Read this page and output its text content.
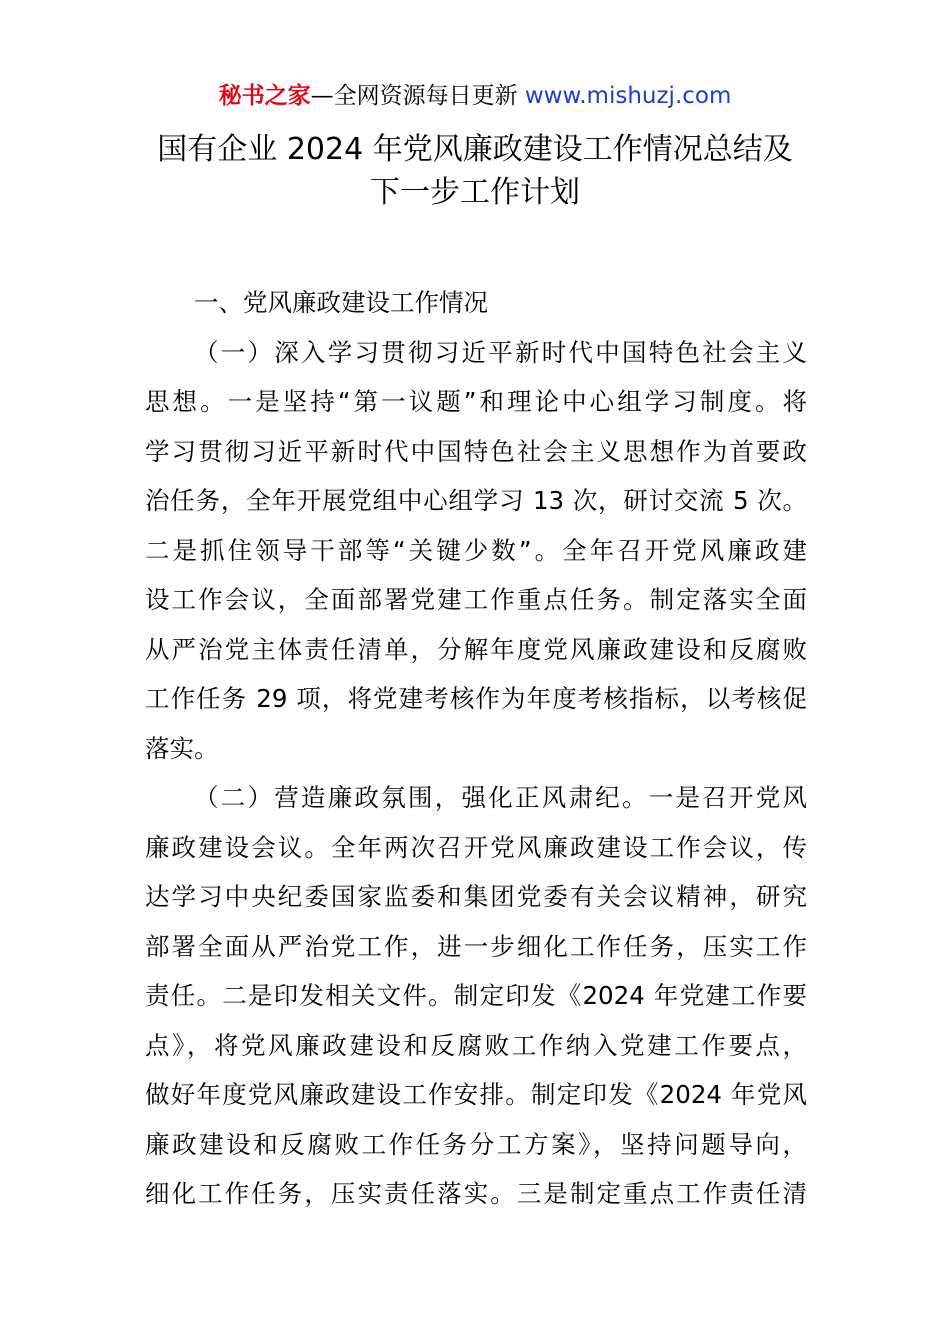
秘书之家—全网资源每日更新 www.mishuzj.com
国有企业 2024 年党风廉政建设工作情况总结及
下一步工作计划
一、党风廉政建设工作情况
（一）深入学习贯彻习近平新时代中国特色社会主义
思想。一是坚持“第一议题”和理论中心组学习制度。将
学习贯彻习近平新时代中国特色社会主义思想作为首要政
治任务，全年开展党组中心组学习 13 次，研讨交流 5 次。
二是抓住领导干部等“关键少数”。全年召开党风廉政建
设工作会议，全面部署党建工作重点任务。制定落实全面
从严治党主体责任清单，分解年度党风廉政建设和反腐败
工作任务 29 项，将党建考核作为年度考核指标，以考核促
落实。
（二）营造廉政氛围，强化正风肃纪。一是召开党风
廉政建设会议。全年两次召开党风廉政建设工作会议，传
达学习中央纪委国家监委和集团党委有关会议精神，研究
部署全面从严治党工作，进一步细化工作任务，压实工作
责任。二是印发相关文件。制定印发《2024 年党建工作要
点》，将党风廉政建设和反腐败工作纳入党建工作要点，
做好年度党风廉政建设工作安排。制定印发《2024 年党风
廉政建设和反腐败工作任务分工方案》，坚持问题导向，
细化工作任务，压实责任落实。三是制定重点工作责任清
